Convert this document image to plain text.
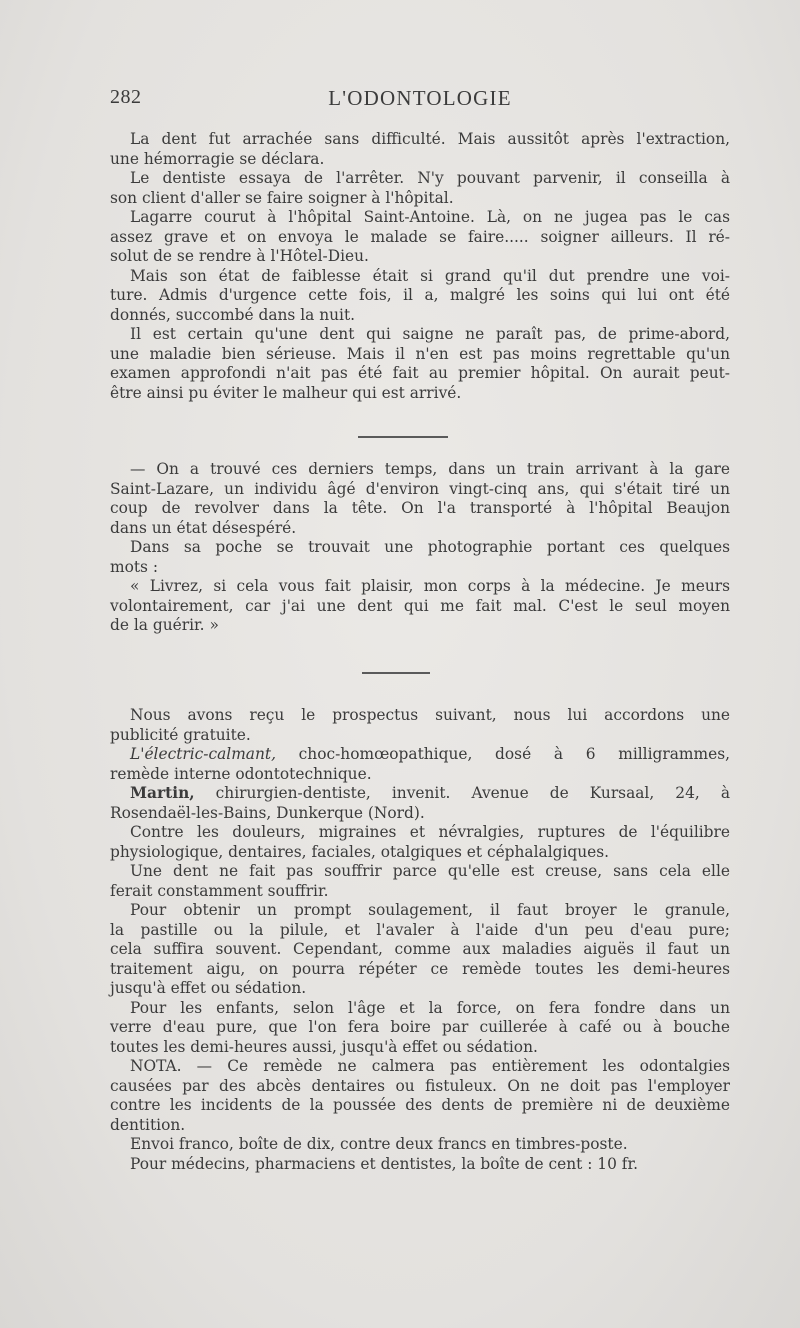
282	L'ODONTOLOGIE
La dent fut arrachée sans difficulté. Mais aussitôt après l'extraction,
une hémorragie se déclara.
Le dentiste essaya de l'arrêter. N'y pouvant parvenir, il conseilla à
son client d'aller se faire soigner à l'hôpital.
Lagarre courut à l'hôpital Saint-Antoine. Là, on ne jugea pas le cas
assez grave et on envoya le malade se faire..... soigner ailleurs. Il ré-
solut de se rendre à l'Hôtel-Dieu.
Mais son état de faiblesse était si grand qu'il dut prendre une voi-
ture. Admis d'urgence cette fois, il a, malgré les soins qui lui ont été
donnés, succombé dans la nuit.
Il est certain qu'une dent qui saigne ne paraît pas, de prime-abord,
une maladie bien sérieuse. Mais il n'en est pas moins regrettable qu'un
examen approfondi n'ait pas été fait au premier hôpital. On aurait peut-
être ainsi pu éviter le malheur qui est arrivé.
— On a trouvé ces derniers temps, dans un train arrivant à la gare
Saint-Lazare, un individu âgé d'environ vingt-cinq ans, qui s'était tiré un
coup de revolver dans la tête. On l'a transporté à l'hôpital Beaujon
dans un état désespéré.
Dans sa poche se trouvait une photographie portant ces quelques
mots :
« Livrez, si cela vous fait plaisir, mon corps à la médecine. Je meurs
volontairement, car j'ai une dent qui me fait mal. C'est le seul moyen
de la guérir. »
Nous avons reçu le prospectus suivant, nous lui accordons une
publicité gratuite.
L'électric-calmant, choc-homœopathique, dosé à 6 milligrammes,
remède interne odontotechnique.
Martin, chirurgien-dentiste, invenit. Avenue de Kursaal, 24, à
Rosendaël-les-Bains, Dunkerque (Nord).
Contre les douleurs, migraines et névralgies, ruptures de l'équilibre
physiologique, dentaires, faciales, otalgiques et céphalalgiques.
Une dent ne fait pas souffrir parce qu'elle est creuse, sans cela elle
ferait constamment souffrir.
Pour obtenir un prompt soulagement, il faut broyer le granule,
la pastille ou la pilule, et l'avaler à l'aide d'un peu d'eau pure;
cela suffira souvent. Cependant, comme aux maladies aiguës il faut un
traitement aigu, on pourra répéter ce remède toutes les demi-heures
jusqu'à effet ou sédation.
Pour les enfants, selon l'âge et la force, on fera fondre dans un
verre d'eau pure, que l'on fera boire par cuillerée à café ou à bouche
toutes les demi-heures aussi, jusqu'à effet ou sédation.
NOTA. — Ce remède ne calmera pas entièrement les odontalgies
causées par des abcès dentaires ou fistuleux. On ne doit pas l'employer
contre les incidents de la poussée des dents de première ni de deuxième
dentition.
Envoi franco, boîte de dix, contre deux francs en timbres-poste.
Pour médecins, pharmaciens et dentistes, la boîte de cent : 10 fr.
